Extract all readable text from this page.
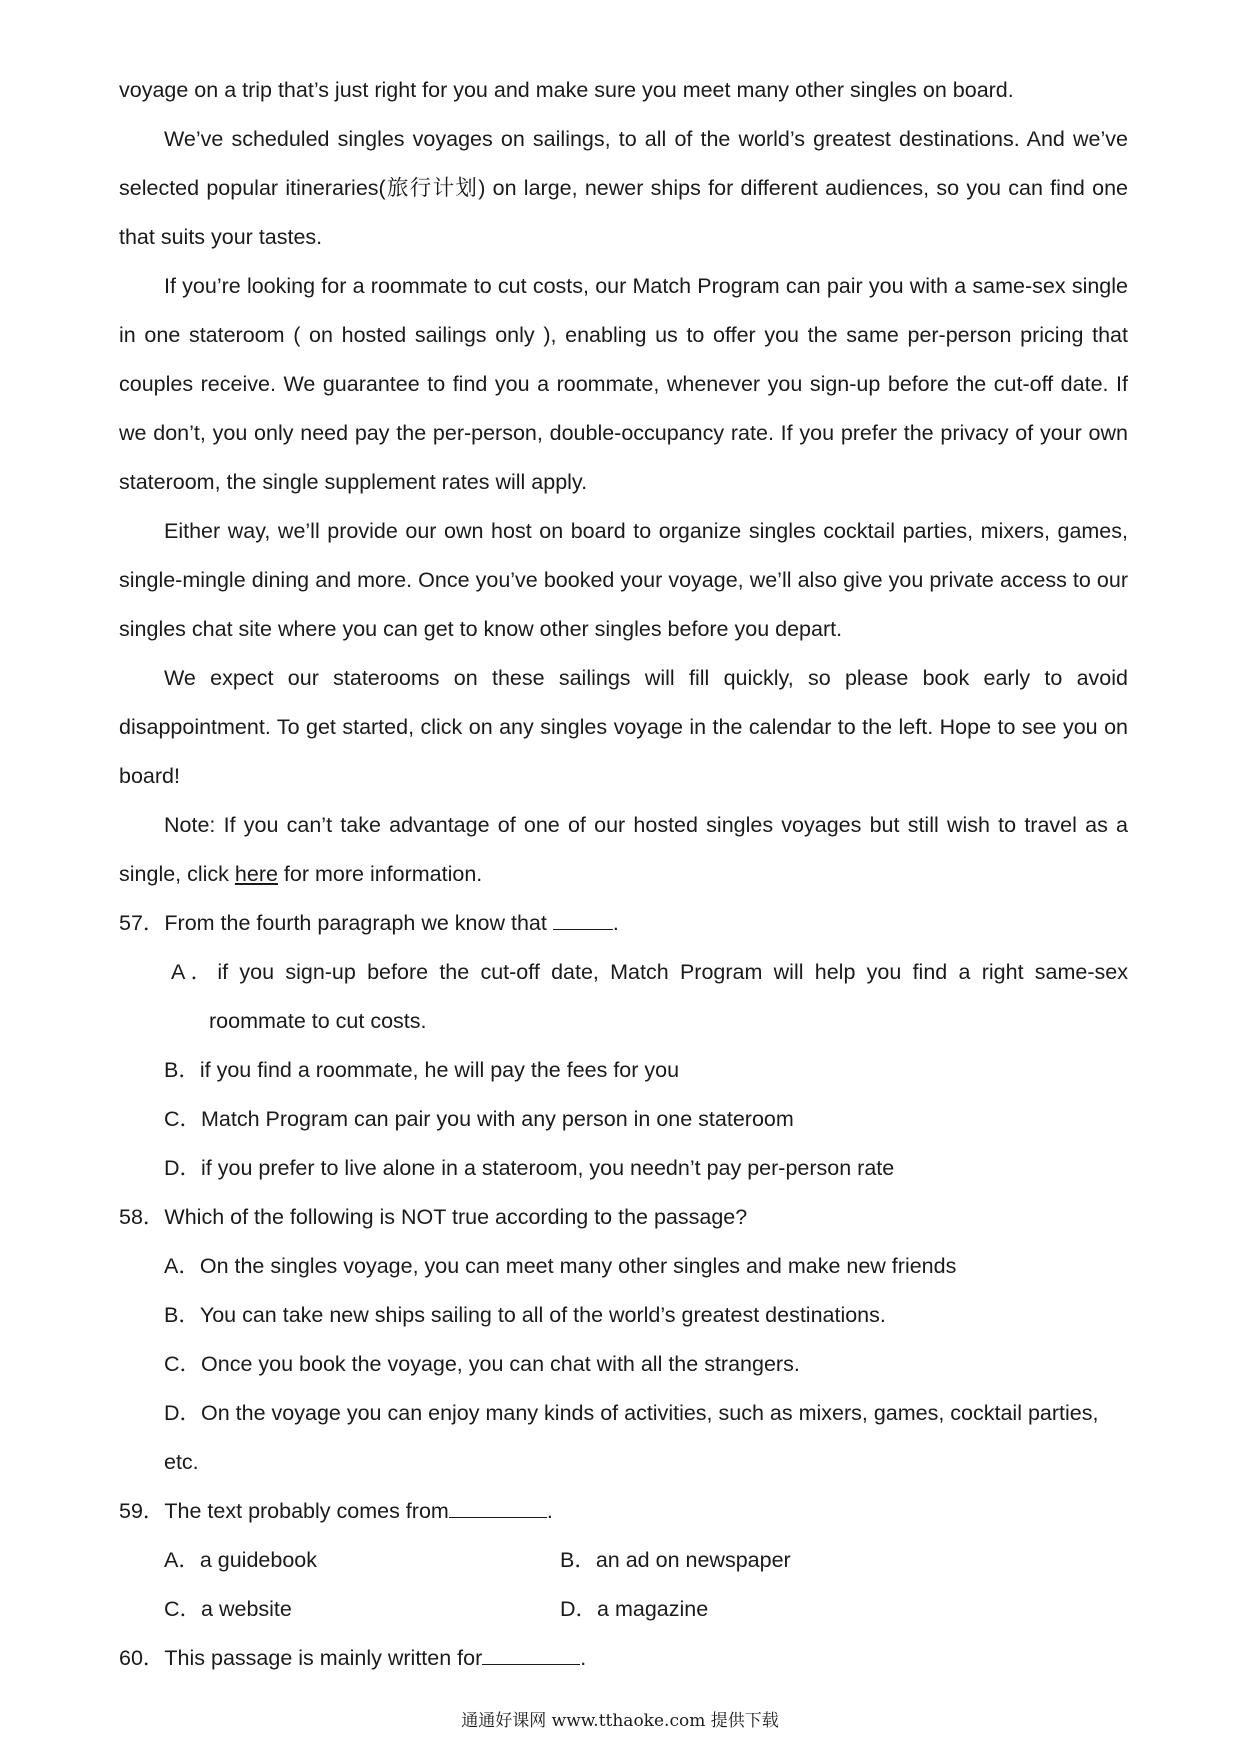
voyage on a trip that’s just right for you and make sure you meet many other singles on board.

We’ve scheduled singles voyages on sailings, to all of the world’s greatest destinations. And we’ve selected popular itineraries(旅行计划) on large, newer ships for different audiences, so you can find one that suits your tastes.

If you’re looking for a roommate to cut costs, our Match Program can pair you with a same-sex single in one stateroom ( on hosted sailings only ), enabling us to offer you the same per-person pricing that couples receive. We guarantee to find you a roommate, whenever you sign-up before the cut-off date. If we don’t, you only need pay the per-person, double-occupancy rate. If you prefer the privacy of your own stateroom, the single supplement rates will apply.

Either way, we’ll provide our own host on board to organize singles cocktail parties, mixers, games, single-mingle dining and more. Once you’ve booked your voyage, we’ll also give you private access to our singles chat site where you can get to know other singles before you depart.

We expect our staterooms on these sailings will fill quickly, so please book early to avoid disappointment. To get started, click on any singles voyage in the calendar to the left. Hope to see you on board!

Note: If you can’t take advantage of one of our hosted singles voyages but still wish to travel as a single, click here for more information.

57．From the fourth paragraph we know that	.
A．if you sign-up before the cut-off date, Match Program will help you find a right same-sex roommate to cut costs.
B．if you find a roommate, he will pay the fees for you
C．Match Program can pair you with any person in one stateroom
D．if you prefer to live alone in a stateroom, you needn’t pay per-person rate
58．Which of the following is NOT true according to the passage?
A．On the singles voyage, you can meet many other singles and make new friends
B．You can take new ships sailing to all of the world’s greatest destinations.
C．Once you book the voyage, you can chat with all the strangers.
D．On the voyage you can enjoy many kinds of activities, such as mixers, games, cocktail parties, etc.
59．The text probably comes from	.
A．a guidebook	B．an ad on newspaper
C．a website	D．a magazine
60．This passage is mainly written for	.
通通好课网 www.tthaoke.com 提供下载
